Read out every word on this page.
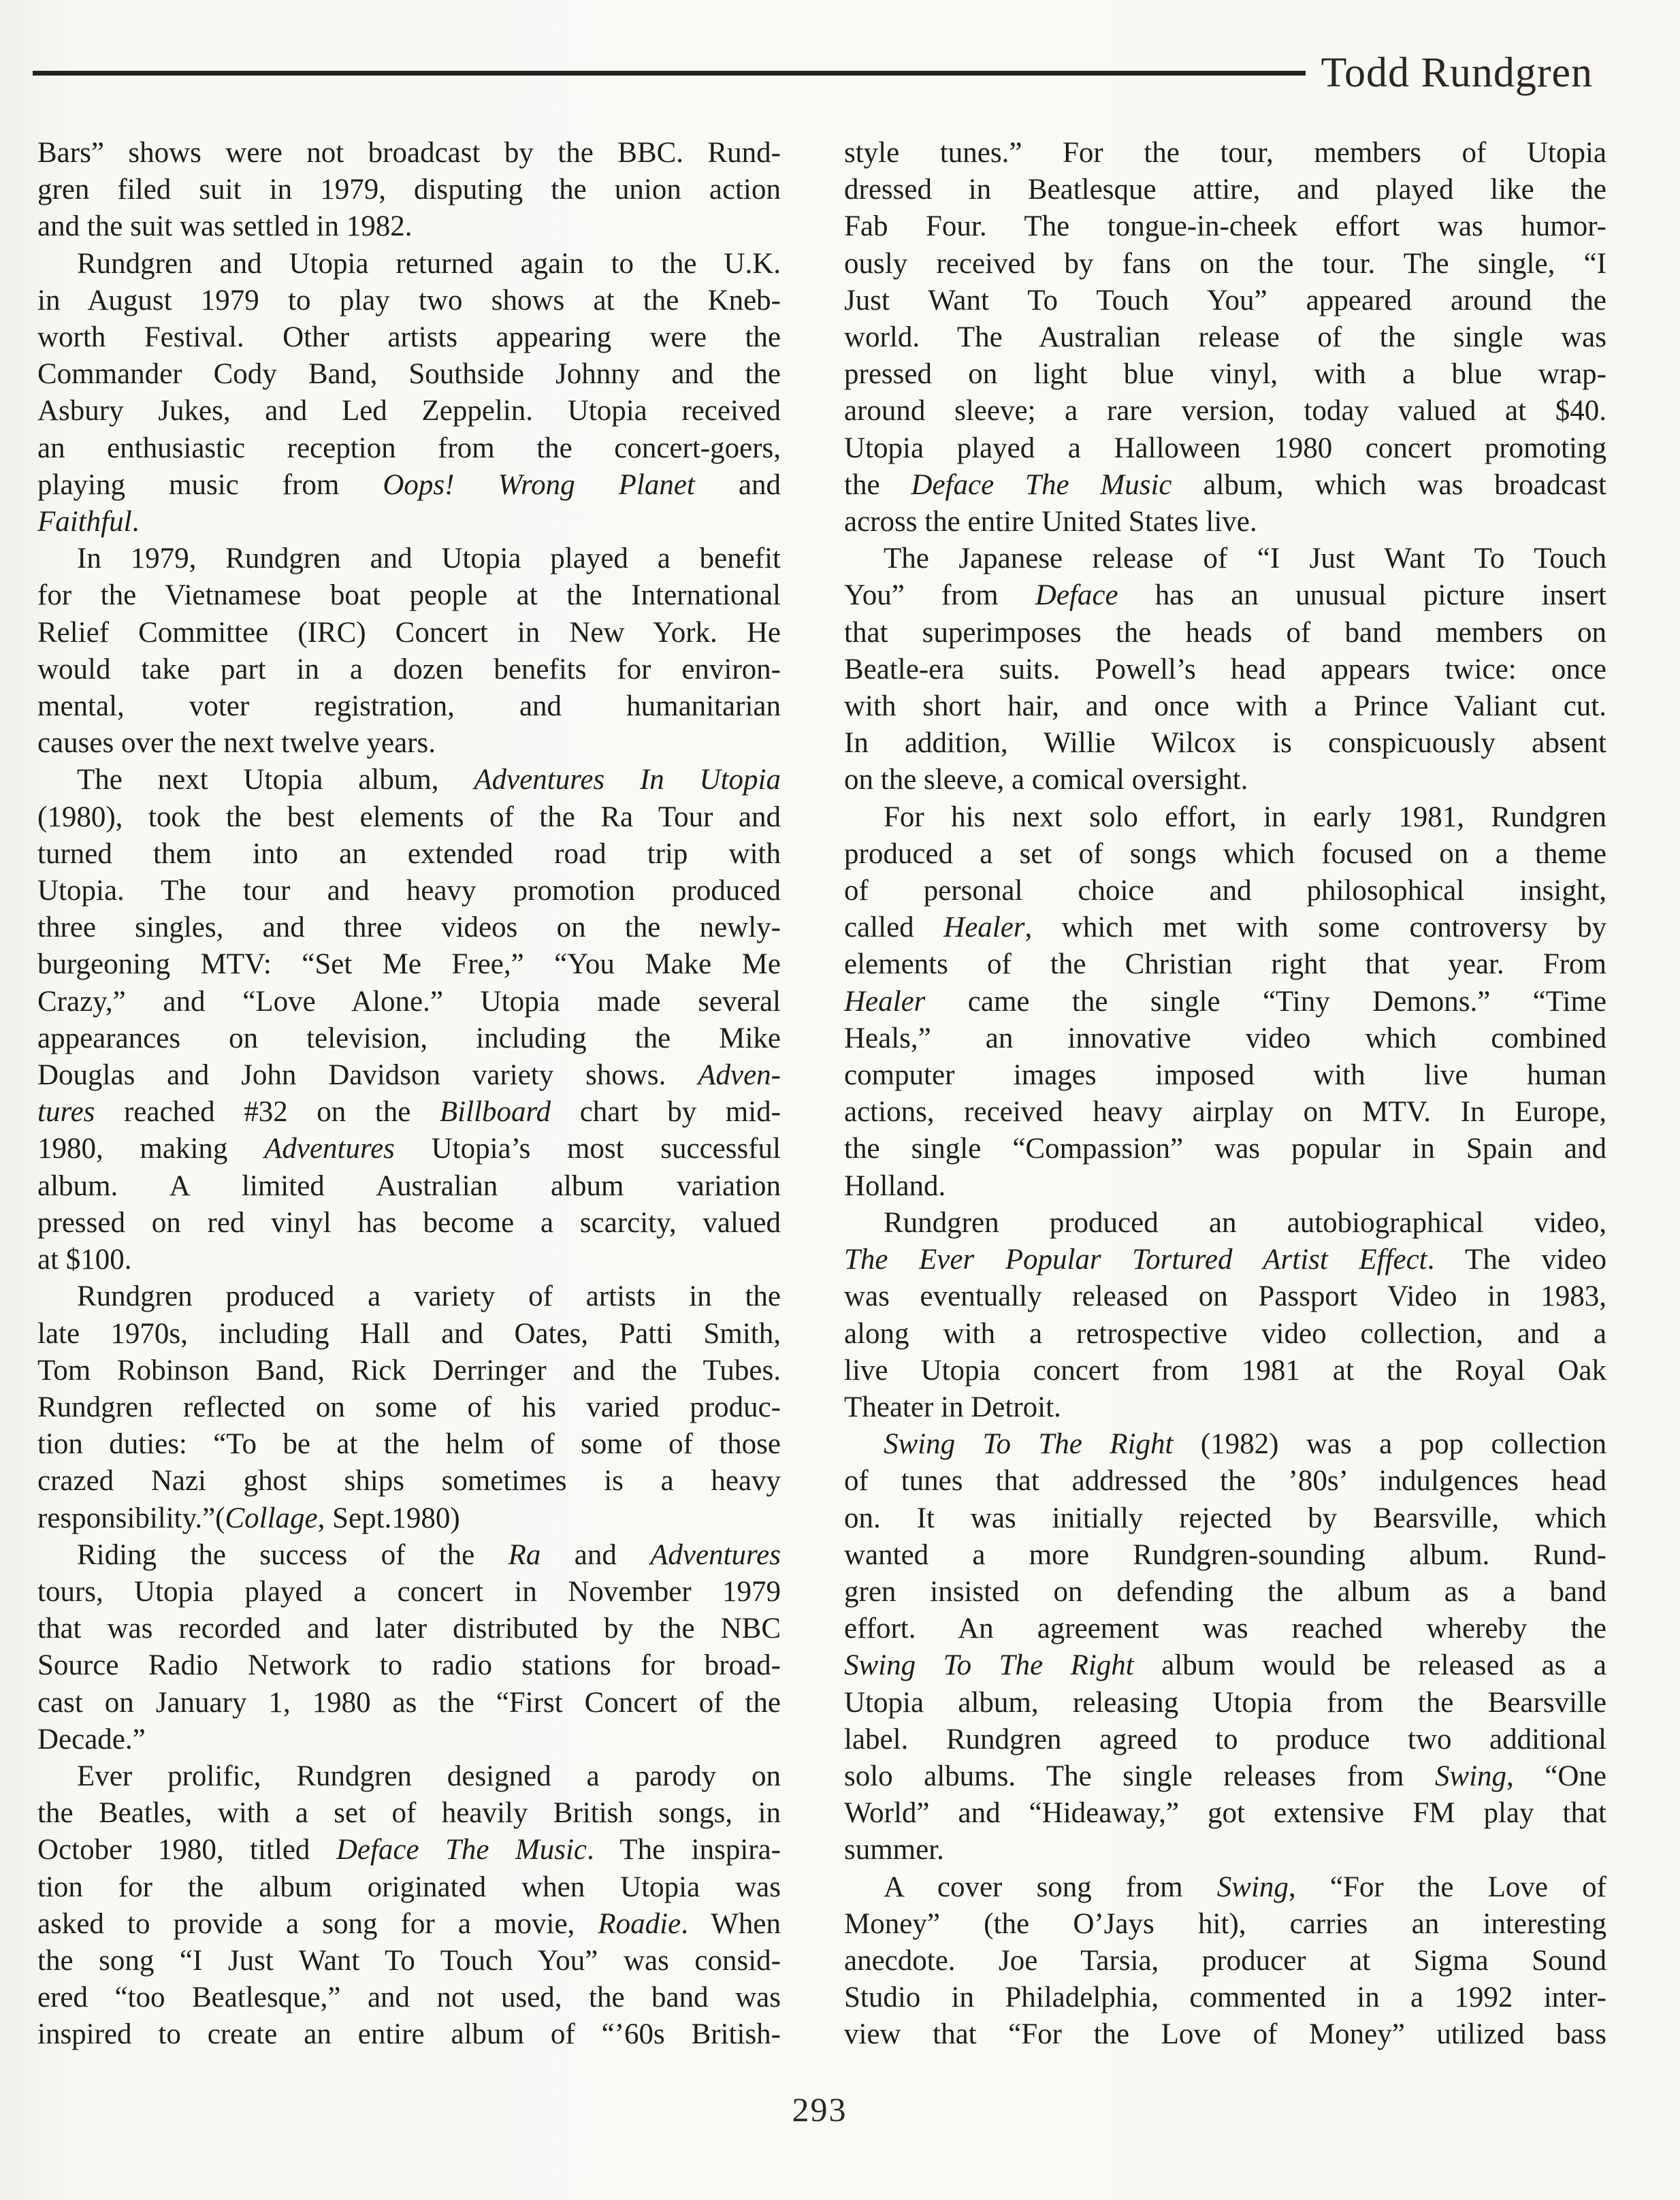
Todd Rundgren
Bars” shows were not broadcast by the BBC. Rund-
gren filed suit in 1979, disputing the union action
and the suit was settled in 1982.
Rundgren and Utopia returned again to the U.K.
in August 1979 to play two shows at the Kneb-
worth Festival. Other artists appearing were the
Commander Cody Band, Southside Johnny and the
Asbury Jukes, and Led Zeppelin. Utopia received
an enthusiastic reception from the concert-goers,
playing music from Oops! Wrong Planet and
Faithful.
In 1979, Rundgren and Utopia played a benefit
for the Vietnamese boat people at the International
Relief Committee (IRC) Concert in New York. He
would take part in a dozen benefits for environ-
mental, voter registration, and humanitarian
causes over the next twelve years.
The next Utopia album, Adventures In Utopia
(1980), took the best elements of the Ra Tour and
turned them into an extended road trip with
Utopia. The tour and heavy promotion produced
three singles, and three videos on the newly-
burgeoning MTV: “Set Me Free,” “You Make Me
Crazy,” and “Love Alone.” Utopia made several
appearances on television, including the Mike
Douglas and John Davidson variety shows. Adven-
tures reached #32 on the Billboard chart by mid-
1980, making Adventures Utopia’s most successful
album. A limited Australian album variation
pressed on red vinyl has become a scarcity, valued
at $100.
Rundgren produced a variety of artists in the
late 1970s, including Hall and Oates, Patti Smith,
Tom Robinson Band, Rick Derringer and the Tubes.
Rundgren reflected on some of his varied produc-
tion duties: “To be at the helm of some of those
crazed Nazi ghost ships sometimes is a heavy
responsibility.”(Collage, Sept.1980)
Riding the success of the Ra and Adventures
tours, Utopia played a concert in November 1979
that was recorded and later distributed by the NBC
Source Radio Network to radio stations for broad-
cast on January 1, 1980 as the “First Concert of the
Decade.”
Ever prolific, Rundgren designed a parody on
the Beatles, with a set of heavily British songs, in
October 1980, titled Deface The Music. The inspira-
tion for the album originated when Utopia was
asked to provide a song for a movie, Roadie. When
the song “I Just Want To Touch You” was consid-
ered “too Beatlesque,” and not used, the band was
inspired to create an entire album of “’60s British-
style tunes.” For the tour, members of Utopia
dressed in Beatlesque attire, and played like the
Fab Four. The tongue-in-cheek effort was humor-
ously received by fans on the tour. The single, “I
Just Want To Touch You” appeared around the
world. The Australian release of the single was
pressed on light blue vinyl, with a blue wrap-
around sleeve; a rare version, today valued at $40.
Utopia played a Halloween 1980 concert promoting
the Deface The Music album, which was broadcast
across the entire United States live.
The Japanese release of “I Just Want To Touch
You” from Deface has an unusual picture insert
that superimposes the heads of band members on
Beatle-era suits. Powell’s head appears twice: once
with short hair, and once with a Prince Valiant cut.
In addition, Willie Wilcox is conspicuously absent
on the sleeve, a comical oversight.
For his next solo effort, in early 1981, Rundgren
produced a set of songs which focused on a theme
of personal choice and philosophical insight,
called Healer, which met with some controversy by
elements of the Christian right that year. From
Healer came the single “Tiny Demons.” “Time
Heals,” an innovative video which combined
computer images imposed with live human
actions, received heavy airplay on MTV. In Europe,
the single “Compassion” was popular in Spain and
Holland.
Rundgren produced an autobiographical video,
The Ever Popular Tortured Artist Effect. The video
was eventually released on Passport Video in 1983,
along with a retrospective video collection, and a
live Utopia concert from 1981 at the Royal Oak
Theater in Detroit.
Swing To The Right (1982) was a pop collection
of tunes that addressed the ’80s’ indulgences head
on. It was initially rejected by Bearsville, which
wanted a more Rundgren-sounding album. Rund-
gren insisted on defending the album as a band
effort. An agreement was reached whereby the
Swing To The Right album would be released as a
Utopia album, releasing Utopia from the Bearsville
label. Rundgren agreed to produce two additional
solo albums. The single releases from Swing, “One
World” and “Hideaway,” got extensive FM play that
summer.
A cover song from Swing, “For the Love of
Money” (the O’Jays hit), carries an interesting
anecdote. Joe Tarsia, producer at Sigma Sound
Studio in Philadelphia, commented in a 1992 inter-
view that “For the Love of Money” utilized bass
293
